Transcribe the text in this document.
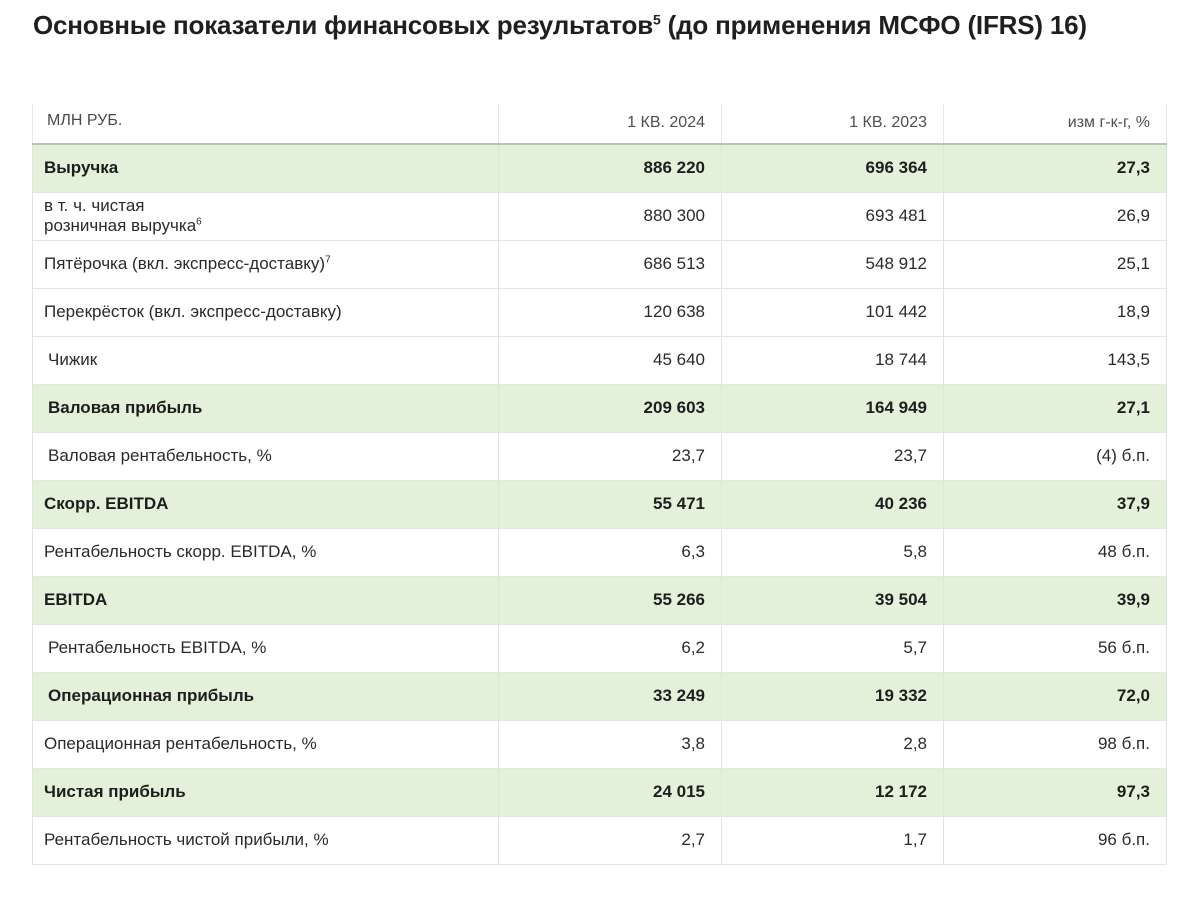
Основные показатели финансовых результатов$^5$ (до применения МСФО (IFRS) 16)
МЛН РУБ.	1 КВ. 2024	1 КВ. 2023	изм г-к-г, %
Выручка	886 220	696 364	27,3
в т. ч. чистая
розничная выручка$^6$	880 300	693 481	26,9
Пятёрочка (вкл. экспресс-доставку)$^7$	686 513	548 912	25,1
Перекрёсток (вкл. экспресс-доставку)	120 638	101 442	18,9
Чижик	45 640	18 744	143,5
Валовая прибыль	209 603	164 949	27,1
Валовая рентабельность, %	23,7	23,7	(4) б.п.
Скорр. EBITDA	55 471	40 236	37,9
Рентабельность скорр. EBITDA, %	6,3	5,8	48 б.п.
EBITDA	55 266	39 504	39,9
Рентабельность EBITDA, %	6,2	5,7	56 б.п.
Операционная прибыль	33 249	19 332	72,0
Операционная рентабельность, %	3,8	2,8	98 б.п.
Чистая прибыль	24 015	12 172	97,3
Рентабельность чистой прибыли, %	2,7	1,7	96 б.п.
